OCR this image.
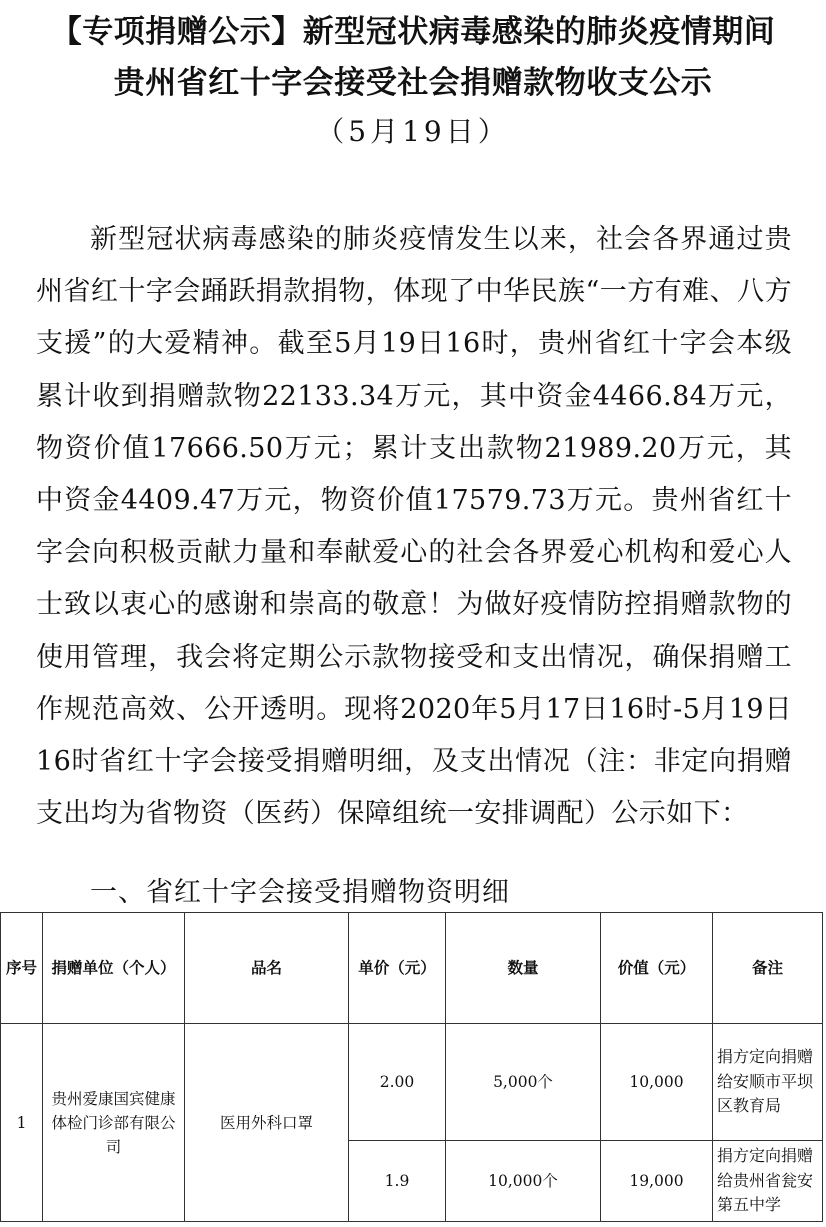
【专项捐赠公示】新型冠状病毒感染的肺炎疫情期间
贵州省红十字会接受社会捐赠款物收支公示
（5月19日）
新型冠状病毒感染的肺炎疫情发生以来，社会各界通过贵州省红十字会踊跃捐款捐物，体现了中华民族“一方有难、八方支援”的大爱精神。截至5月19日16时，贵州省红十字会本级累计收到捐赠款物22133.34万元，其中资金4466.84万元，物资价值17666.50万元；累计支出款物21989.20万元，其中资金4409.47万元，物资价值17579.73万元。贵州省红十字会向积极贡献力量和奉献爱心的社会各界爱心机构和爱心人士致以衷心的感谢和崇高的敬意！为做好疫情防控捐赠款物的使用管理，我会将定期公示款物接受和支出情况，确保捐赠工作规范高效、公开透明。现将2020年5月17日16时-5月19日16时省红十字会接受捐赠明细，及支出情况（注：非定向捐赠支出均为省物资（医药）保障组统一安排调配）公示如下：
一、省红十字会接受捐赠物资明细
序号	捐赠单位（个人）	品名	单价（元）	数量	价值（元）	备注
1	贵州爱康国宾健康体检门诊部有限公司	医用外科口罩	2.00	5,000个	10,000	捐方定向捐赠给安顺市平坝区教育局
			1.9	10,000个	19,000	捐方定向捐赠给贵州省瓮安第五中学
